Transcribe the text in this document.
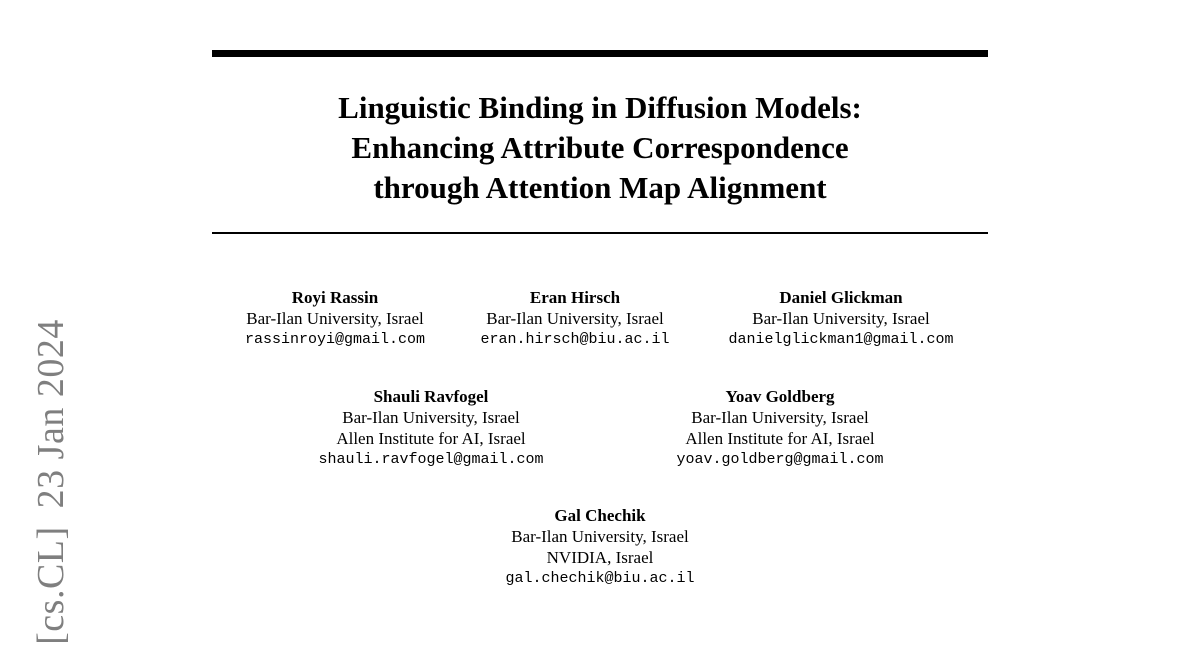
Linguistic Binding in Diffusion Models:
Enhancing Attribute Correspondence
through Attention Map Alignment
Royi Rassin
Bar-Ilan University, Israel
rassinroyi@gmail.com
Eran Hirsch
Bar-Ilan University, Israel
eran.hirsch@biu.ac.il
Daniel Glickman
Bar-Ilan University, Israel
danielglickman1@gmail.com
Shauli Ravfogel
Bar-Ilan University, Israel
Allen Institute for AI, Israel
shauli.ravfogel@gmail.com
Yoav Goldberg
Bar-Ilan University, Israel
Allen Institute for AI, Israel
yoav.goldberg@gmail.com
Gal Chechik
Bar-Ilan University, Israel
NVIDIA, Israel
gal.chechik@biu.ac.il
[cs.CL]23 Jan 2024
